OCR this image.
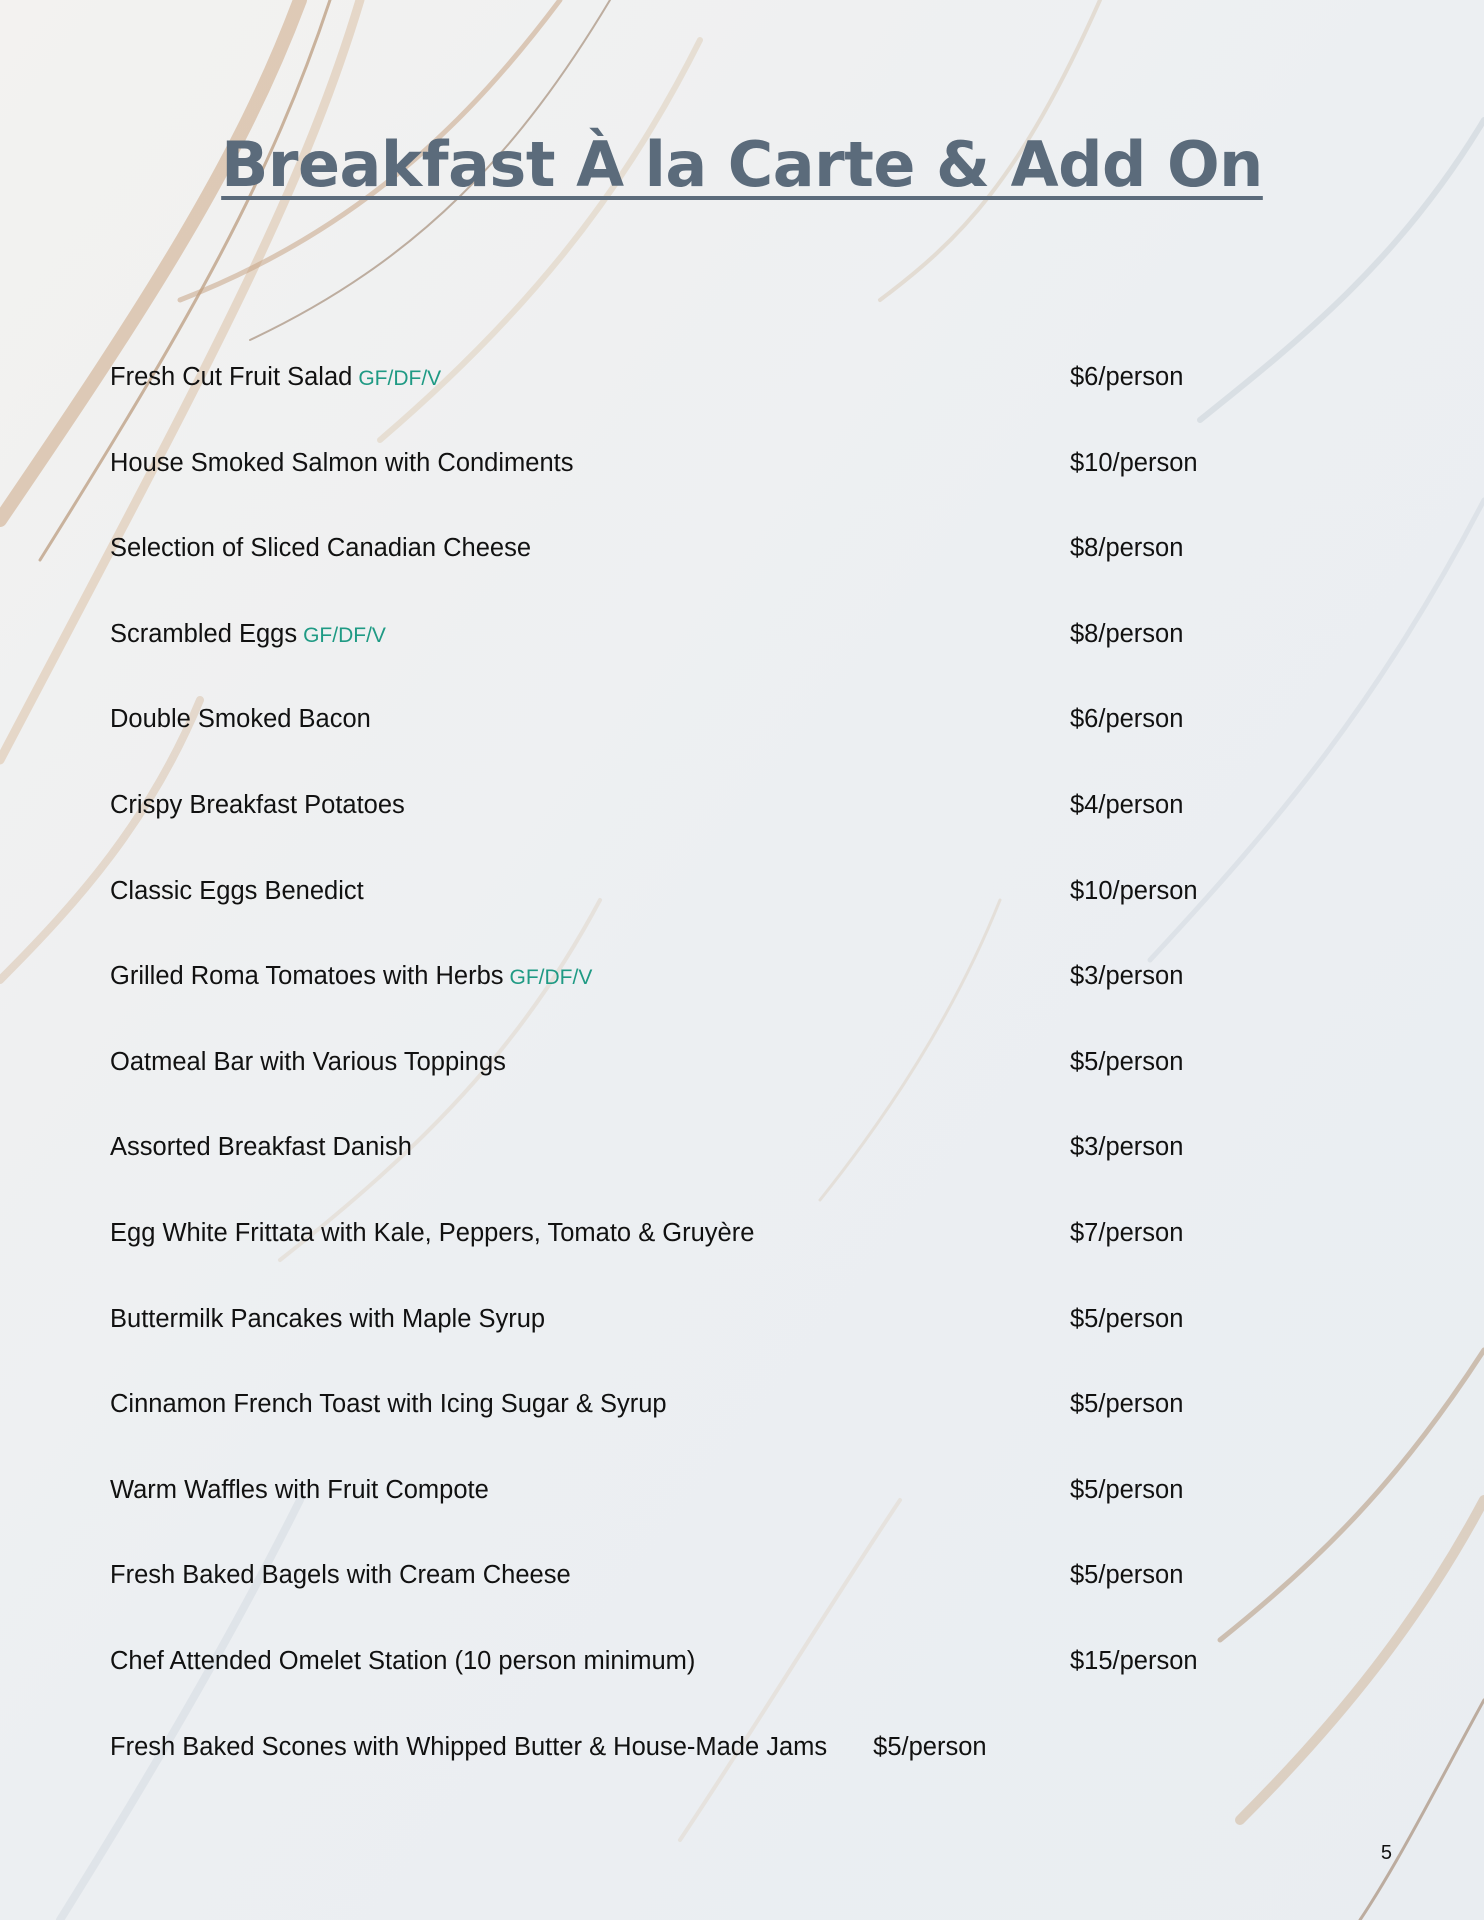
Breakfast À la Carte & Add On
Fresh Cut Fruit Salad GF/DF/V	$6/person
House Smoked Salmon with Condiments	$10/person
Selection of Sliced Canadian Cheese	$8/person
Scrambled Eggs GF/DF/V	$8/person
Double Smoked Bacon	$6/person
Crispy Breakfast Potatoes	$4/person
Classic Eggs Benedict	$10/person
Grilled Roma Tomatoes with Herbs GF/DF/V	$3/person
Oatmeal Bar with Various Toppings	$5/person
Assorted Breakfast Danish	$3/person
Egg White Frittata with Kale, Peppers, Tomato & Gruyère	$7/person
Buttermilk Pancakes with Maple Syrup	$5/person
Cinnamon French Toast with Icing Sugar & Syrup	$5/person
Warm Waffles with Fruit Compote	$5/person
Fresh Baked Bagels with Cream Cheese	$5/person
Chef Attended Omelet Station (10 person minimum)	$15/person
Fresh Baked Scones with Whipped Butter & House-Made Jams $5/person
5
